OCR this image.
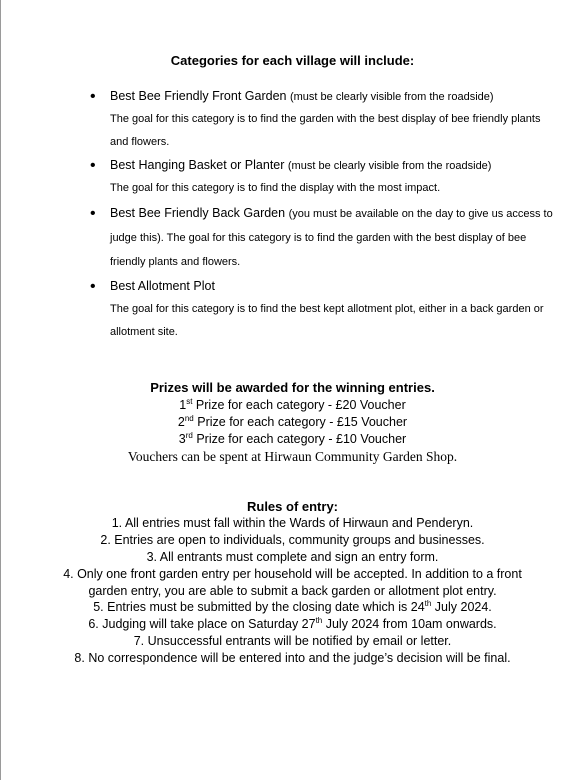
Categories for each village will include:
• Best Bee Friendly Front Garden (must be clearly visible from the roadside)
The goal for this category is to find the garden with the best display of bee friendly plants
and flowers.
• Best Hanging Basket or Planter (must be clearly visible from the roadside)
The goal for this category is to find the display with the most impact.
• Best Bee Friendly Back Garden (you must be available on the day to give us access to
judge this). The goal for this category is to find the garden with the best display of bee
friendly plants and flowers.
• Best Allotment Plot
The goal for this category is to find the best kept allotment plot, either in a back garden or
allotment site.
Prizes will be awarded for the winning entries.
1st Prize for each category - £20 Voucher
2nd Prize for each category - £15 Voucher
3rd Prize for each category - £10 Voucher
Vouchers can be spent at Hirwaun Community Garden Shop.
Rules of entry:
1. All entries must fall within the Wards of Hirwaun and Penderyn.
2. Entries are open to individuals, community groups and businesses.
3. All entrants must complete and sign an entry form.
4. Only one front garden entry per household will be accepted. In addition to a front
garden entry, you are able to submit a back garden or allotment plot entry.
5. Entries must be submitted by the closing date which is 24th July 2024.
6. Judging will take place on Saturday 27th July 2024 from 10am onwards.
7. Unsuccessful entrants will be notified by email or letter.
8. No correspondence will be entered into and the judge’s decision will be final.
